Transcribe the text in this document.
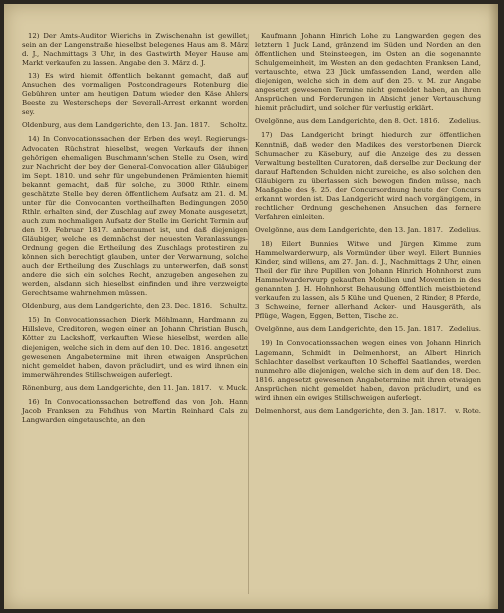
12) Der Amts-Auditor Wierichs in Zwischenahn ist gewillet, sein an der Langenstraße hieselbst belegenes Haus am 8. März d. J., Nachmittags 3 Uhr, in des Gastwirth Meyer Hause am Markt verkaufen zu lassen. Angabe den 3. März d. J.

13) Es wird hiemit öffentlich bekannt gemacht, daß auf Ansuchen des vormaligen Postcondrageurs Rotenburg die Gebühren unter am heutigen Datum wieder den Käse Ahlers Beeste zu Westerscheps der Severall-Arrest erkannt worden sey.

Oldenburg, aus dem Landgerichte, den 13. Jan. 1817. Scholtz.

14) In Convocationssachen der Erben des weyl. Regierungs-Advocaten Rüchstrat hieselbst, wegen Verkaufs der ihnen gehörigen ehemaligen Buschmann'schen Stelle zu Osen, wird zur Nachricht der bey der General-Convocation aller Gläubiger im Sept. 1810. und sehr für ungebundenen Prämienten hiemit bekannt gemacht, daß für solche, zu 3000 Rthlr. einem geschätzte Stelle bey deren öffentlichem Aufsatz am 21. d. M. unter für die Convocanten vortheilhaften Bedingungen 2050 Rthlr. erhalten sind, der Zuschlag auf zwey Monate ausgesetzt, auch zum nochmaligen Aufsatz der Stelle im Gericht Termin auf den 19. Februar 1817. anberaumet ist, und daß diejenigen Gläubiger, welche es demnächst der neuesten Veranlassungs-Ordnung gegen die Ertheilung des Zuschlags protestiren zu können sich berechtigt glauben, unter der Verwarnung, solche auch der Ertheilung des Zuschlags zu unterwerfen, daß sonst andere die sich ein solches Recht, anzugeben angesehen zu werden, alsdann sich hieselbst einfinden und ihre verzweigte Gerechtsame wahrnehmen müssen.

Oldenburg, aus dem Landgerichte, den 23. Dec. 1816. Schultz.

15) In Convocationssachen Dierk Möhlmann, Hardmann zu Hillsleve, Creditoren, wegen einer an Johann Christian Busch, Kötter zu Lackshoff, verkauften Wiese hieselbst, werden alle diejenigen, welche sich in dem auf den 10. Dec. 1816. angesetzt gewesenen Angabetermine mit ihren etwaigen Ansprüchen nicht gemeldet haben, davon präcludirt, und es wird ihnen ein immerwährendes Stillschweigen auferlegt.

Rönenburg, aus dem Landgerichte, den 11. Jan. 1817. v. Muck.

16) In Convocationssachen betreffend das von Joh. Hann Jacob Franksen zu Fehdhus von Martin Reinhard Cals zu Langwarden eingetauschte, an den

Kaufmann Johann Hinrich Lohe zu Langwarden gegen des letztern 1 Juck Land, gränzend im Süden und Norden an den öffentlichen und Steinsteegen, im Osten an die sogenannte Schulgemeinheit, im Westen an den gedachten Franksen Land, vertauschte, etwa 23 Jück umfassenden Land, werden alle diejenigen, welche sich in dem auf den 25. v. M. zur Angabe angesetzt gewesenen Termine nicht gemeldet haben, an ihren Ansprüchen und Forderungen in Absicht jener Vertauschung hiemit präcludirt, und solcher für verlustig erklärt.

Ovelgönne, aus dem Landgerichte, den 8. Oct. 1816. Zedelius.

17) Das Landgericht bringt hiedurch zur öffentlichen Kenntniß, daß weder den Madikes des verstorbenen Dierck Schumacher zu Käsebury, auf die Anzeige des zu dessen Verwaltung bestellten Curatoren, daß derselbe zur Deckung der darauf Haftenden Schulden nicht zureiche, es also solchen den Gläubigern zu überlassen sich bewogen finden müsse, nach Maaßgabe des §. 25. der Concursordnung heute der Concurs erkannt worden ist. Das Landgericht wird nach vorgängigem, in rechtlicher Ordnung geschehenen Ansuchen das fernere Verfahren einleiten.

Ovelgönne, aus dem Landgerichte, den 13. Jan. 1817. Zedelius.

18) Eilert Bunnies Witwe und Jürgen Kimme zum Hammelwarderwurp, als Vormünder über weyl. Eilert Bunnies Kinder, sind willens, am 27. Jan. d. J., Nachmittags 2 Uhr, einen Theil der für ihre Pupillen von Johann Hinrich Hohnhorst zum Hammelwarderwurp gekauften Mobilien und Moventien in des genannten J. H. Hohnhorst Behausung öffentlich meistbietend verkaufen zu lassen, als 5 Kühe und Quenen, 2 Rinder, 8 Pferde, 3 Schweine, ferner allerhand Acker- und Hausgeräth, als Pflüge, Wagen, Eggen, Betten, Tische zc.

Ovelgönne, aus dem Landgerichte, den 15. Jan. 1817. Zedelius.

19) In Convocationssachen wegen eines von Johann Hinrich Lagemann, Schmidt in Delmenhorst, an Albert Hinrich Schlachter daselbst verkauften 10 Scheffel Saatlandes, werden nunmehro alle diejenigen, welche sich in dem auf den 18. Dec. 1816. angesetzt gewesenen Angabetermine mit ihren etwaigen Ansprüchen nicht gemeldet haben, davon präcludirt, und es wird ihnen ein ewiges Stillschweigen auferlegt.

Delmenhorst, aus dem Landgerichte, den 3. Jan. 1817. v. Rote.
